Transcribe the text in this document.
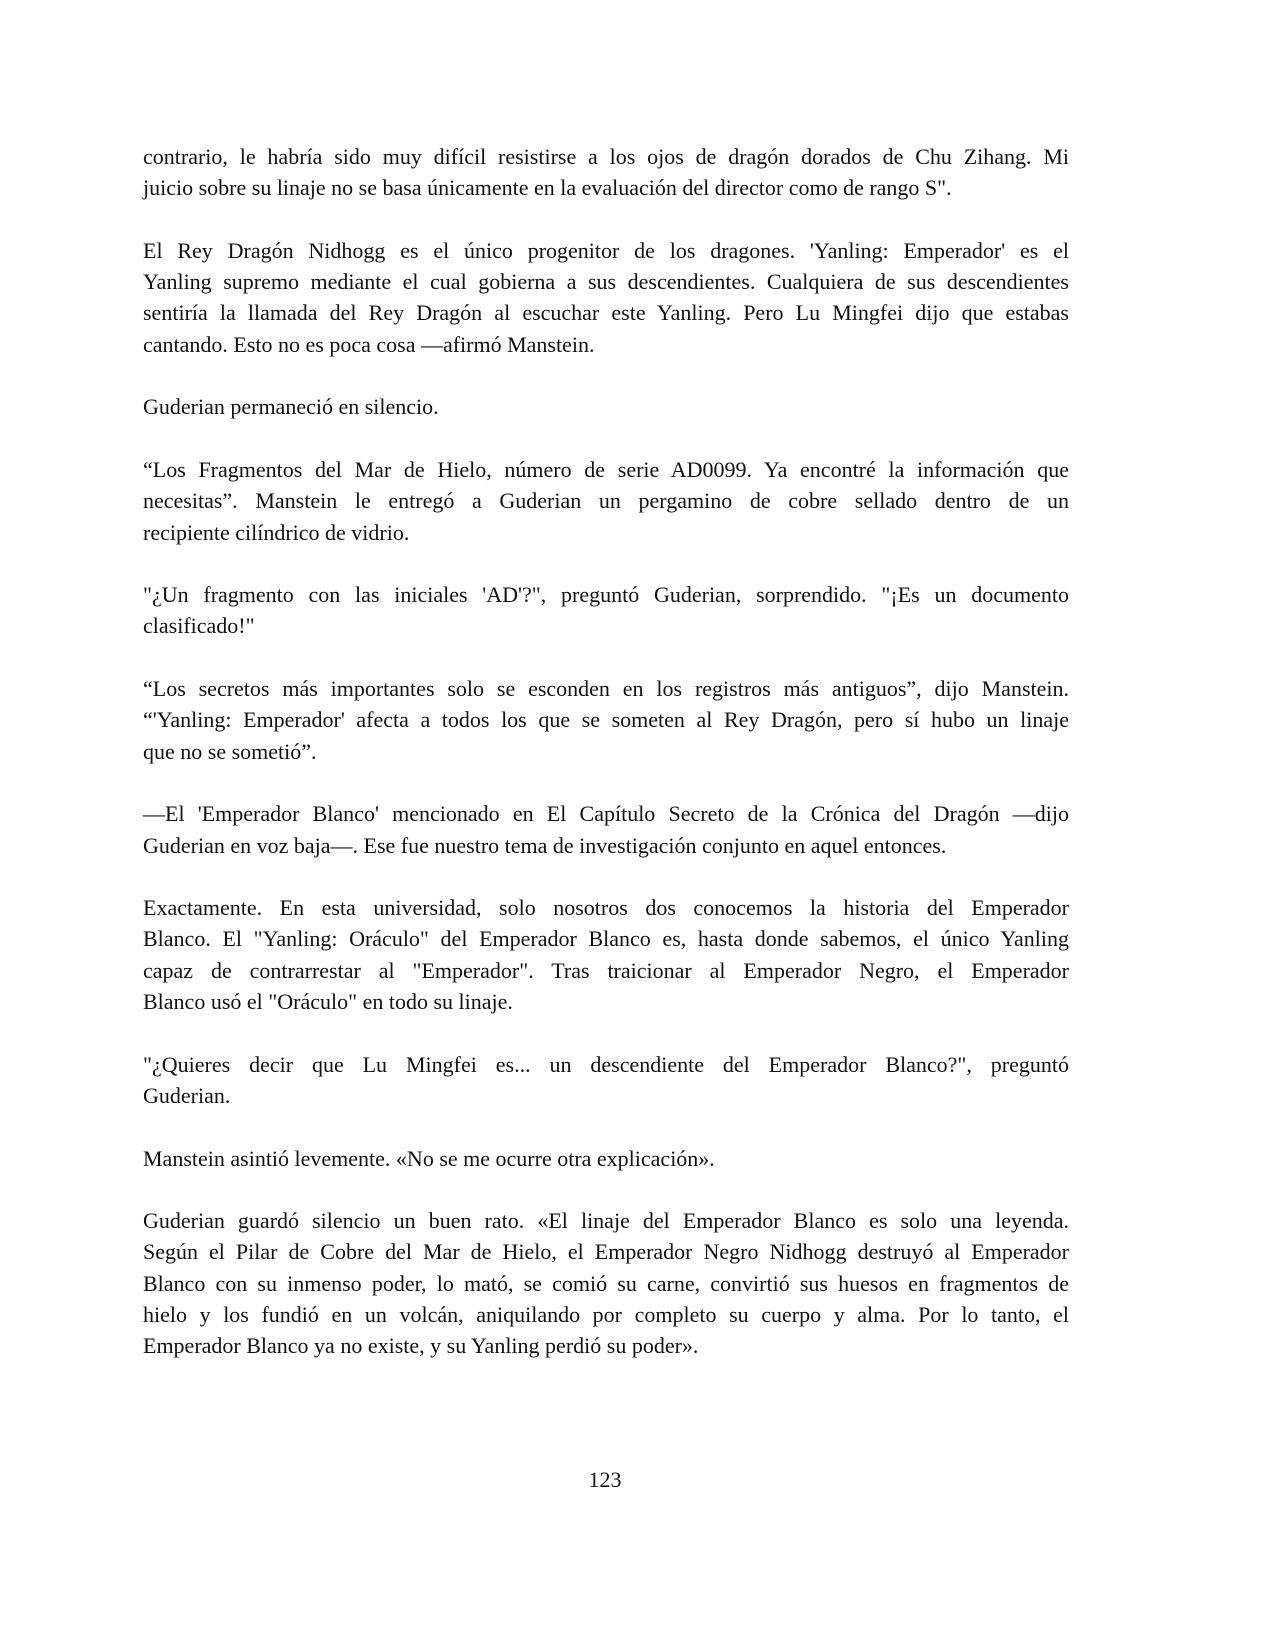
contrario, le habría sido muy difícil resistirse a los ojos de dragón dorados de Chu Zihang. Mi
juicio sobre su linaje no se basa únicamente en la evaluación del director como de rango S".
El Rey Dragón Nidhogg es el único progenitor de los dragones. 'Yanling: Emperador' es el
Yanling supremo mediante el cual gobierna a sus descendientes. Cualquiera de sus descendientes
sentiría la llamada del Rey Dragón al escuchar este Yanling. Pero Lu Mingfei dijo que estabas
cantando. Esto no es poca cosa —afirmó Manstein.
Guderian permaneció en silencio.
“Los Fragmentos del Mar de Hielo, número de serie AD0099. Ya encontré la información que
necesitas”. Manstein le entregó a Guderian un pergamino de cobre sellado dentro de un
recipiente cilíndrico de vidrio.
"¿Un fragmento con las iniciales 'AD'?", preguntó Guderian, sorprendido. "¡Es un documento
clasificado!"
“Los secretos más importantes solo se esconden en los registros más antiguos”, dijo Manstein.
“'Yanling: Emperador' afecta a todos los que se someten al Rey Dragón, pero sí hubo un linaje
que no se sometió”.
—El 'Emperador Blanco' mencionado en El Capítulo Secreto de la Crónica del Dragón —dijo
Guderian en voz baja—. Ese fue nuestro tema de investigación conjunto en aquel entonces.
Exactamente. En esta universidad, solo nosotros dos conocemos la historia del Emperador
Blanco. El "Yanling: Oráculo" del Emperador Blanco es, hasta donde sabemos, el único Yanling
capaz de contrarrestar al "Emperador". Tras traicionar al Emperador Negro, el Emperador
Blanco usó el "Oráculo" en todo su linaje.
"¿Quieres decir que Lu Mingfei es... un descendiente del Emperador Blanco?", preguntó
Guderian.
Manstein asintió levemente. «No se me ocurre otra explicación».
Guderian guardó silencio un buen rato. «El linaje del Emperador Blanco es solo una leyenda.
Según el Pilar de Cobre del Mar de Hielo, el Emperador Negro Nidhogg destruyó al Emperador
Blanco con su inmenso poder, lo mató, se comió su carne, convirtió sus huesos en fragmentos de
hielo y los fundió en un volcán, aniquilando por completo su cuerpo y alma. Por lo tanto, el
Emperador Blanco ya no existe, y su Yanling perdió su poder».
123
